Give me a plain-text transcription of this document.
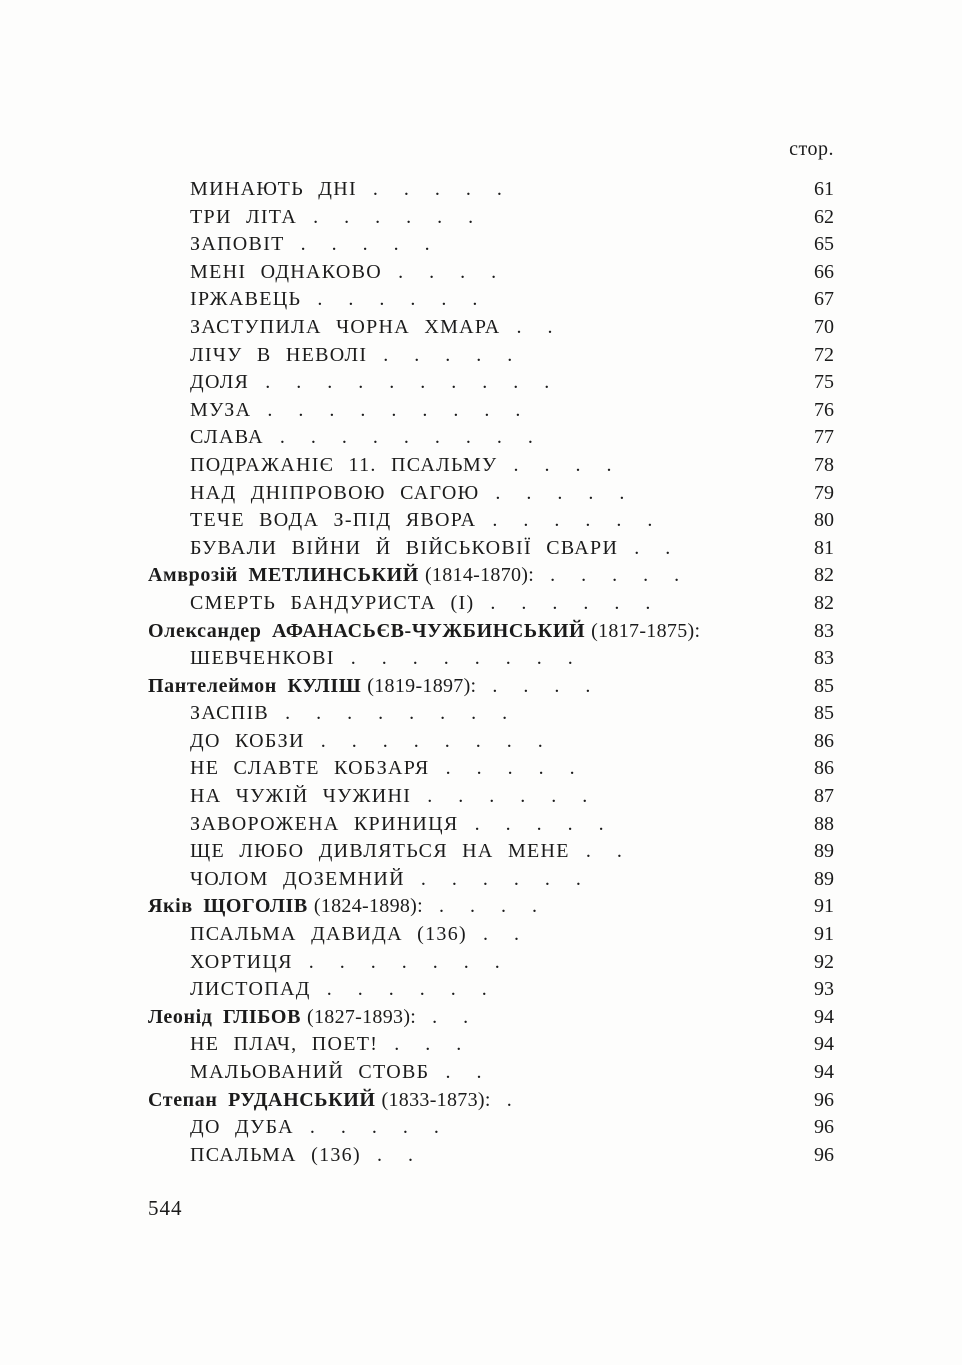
стор.
МИНАЮТЬ ДНІ . . . . .	61
ТРИ ЛІТА . . . . . .	62
ЗАПОВІТ . . . . .	65
МЕНІ ОДНАКОВО . . . .	66
ІРЖАВЕЦЬ . . . . . .	67
ЗАСТУПИЛА ЧОРНА ХМАРА . .	70
ЛІЧУ В НЕВОЛІ . . . . .	72
ДОЛЯ . . . . . . . . . .	75
МУЗА . . . . . . . . .	76
СЛАВА . . . . . . . . .	77
ПОДРАЖАНІЄ 11. ПСАЛЬМУ . . . .	78
НАД ДНІПРОВОЮ САГОЮ . . . . .	79
ТЕЧЕ ВОДА З-ПІД ЯВОРА . . . . . .	80
БУВАЛИ ВІЙНИ Й ВІЙСЬКОВІЇ СВАРИ . .	81
Амврозій МЕТЛИНСЬКИЙ (1814-1870): . . . . .	82
СМЕРТЬ БАНДУРИСТА (I) . . . . . .	82
Олександер АФАНАСЬЄВ-ЧУЖБИНСЬКИЙ (1817-1875):	83
ШЕВЧЕНКОВІ . . . . . . . .	83
Пантелеймон КУЛІШ (1819-1897): . . . .	85
ЗАСПІВ . . . . . . . .	85
ДО КОБЗИ . . . . . . . .	86
НЕ СЛАВТЕ КОБЗАРЯ . . . . .	86
НА ЧУЖІЙ ЧУЖИНІ . . . . . .	87
ЗАВОРОЖЕНА КРИНИЦЯ . . . . .	88
ЩЕ ЛЮБО ДИВЛЯТЬСЯ НА МЕНЕ . .	89
ЧОЛОМ ДОЗЕМНИЙ . . . . . .	89
Яків ЩОГОЛІВ (1824-1898): . . . .	91
ПСАЛЬМА ДАВИДА (136) . .	91
ХОРТИЦЯ . . . . . . .	92
ЛИСТОПАД . . . . . .	93
Леонід ГЛІБОВ (1827-1893): . .	94
НЕ ПЛАЧ, ПОЕТ! . . .	94
МАЛЬОВАНИЙ СТОВБ . .	94
Степан РУДАНСЬКИЙ (1833-1873): .	96
ДО ДУБА . . . . .	96
ПСАЛЬМА (136) . .	96
544
